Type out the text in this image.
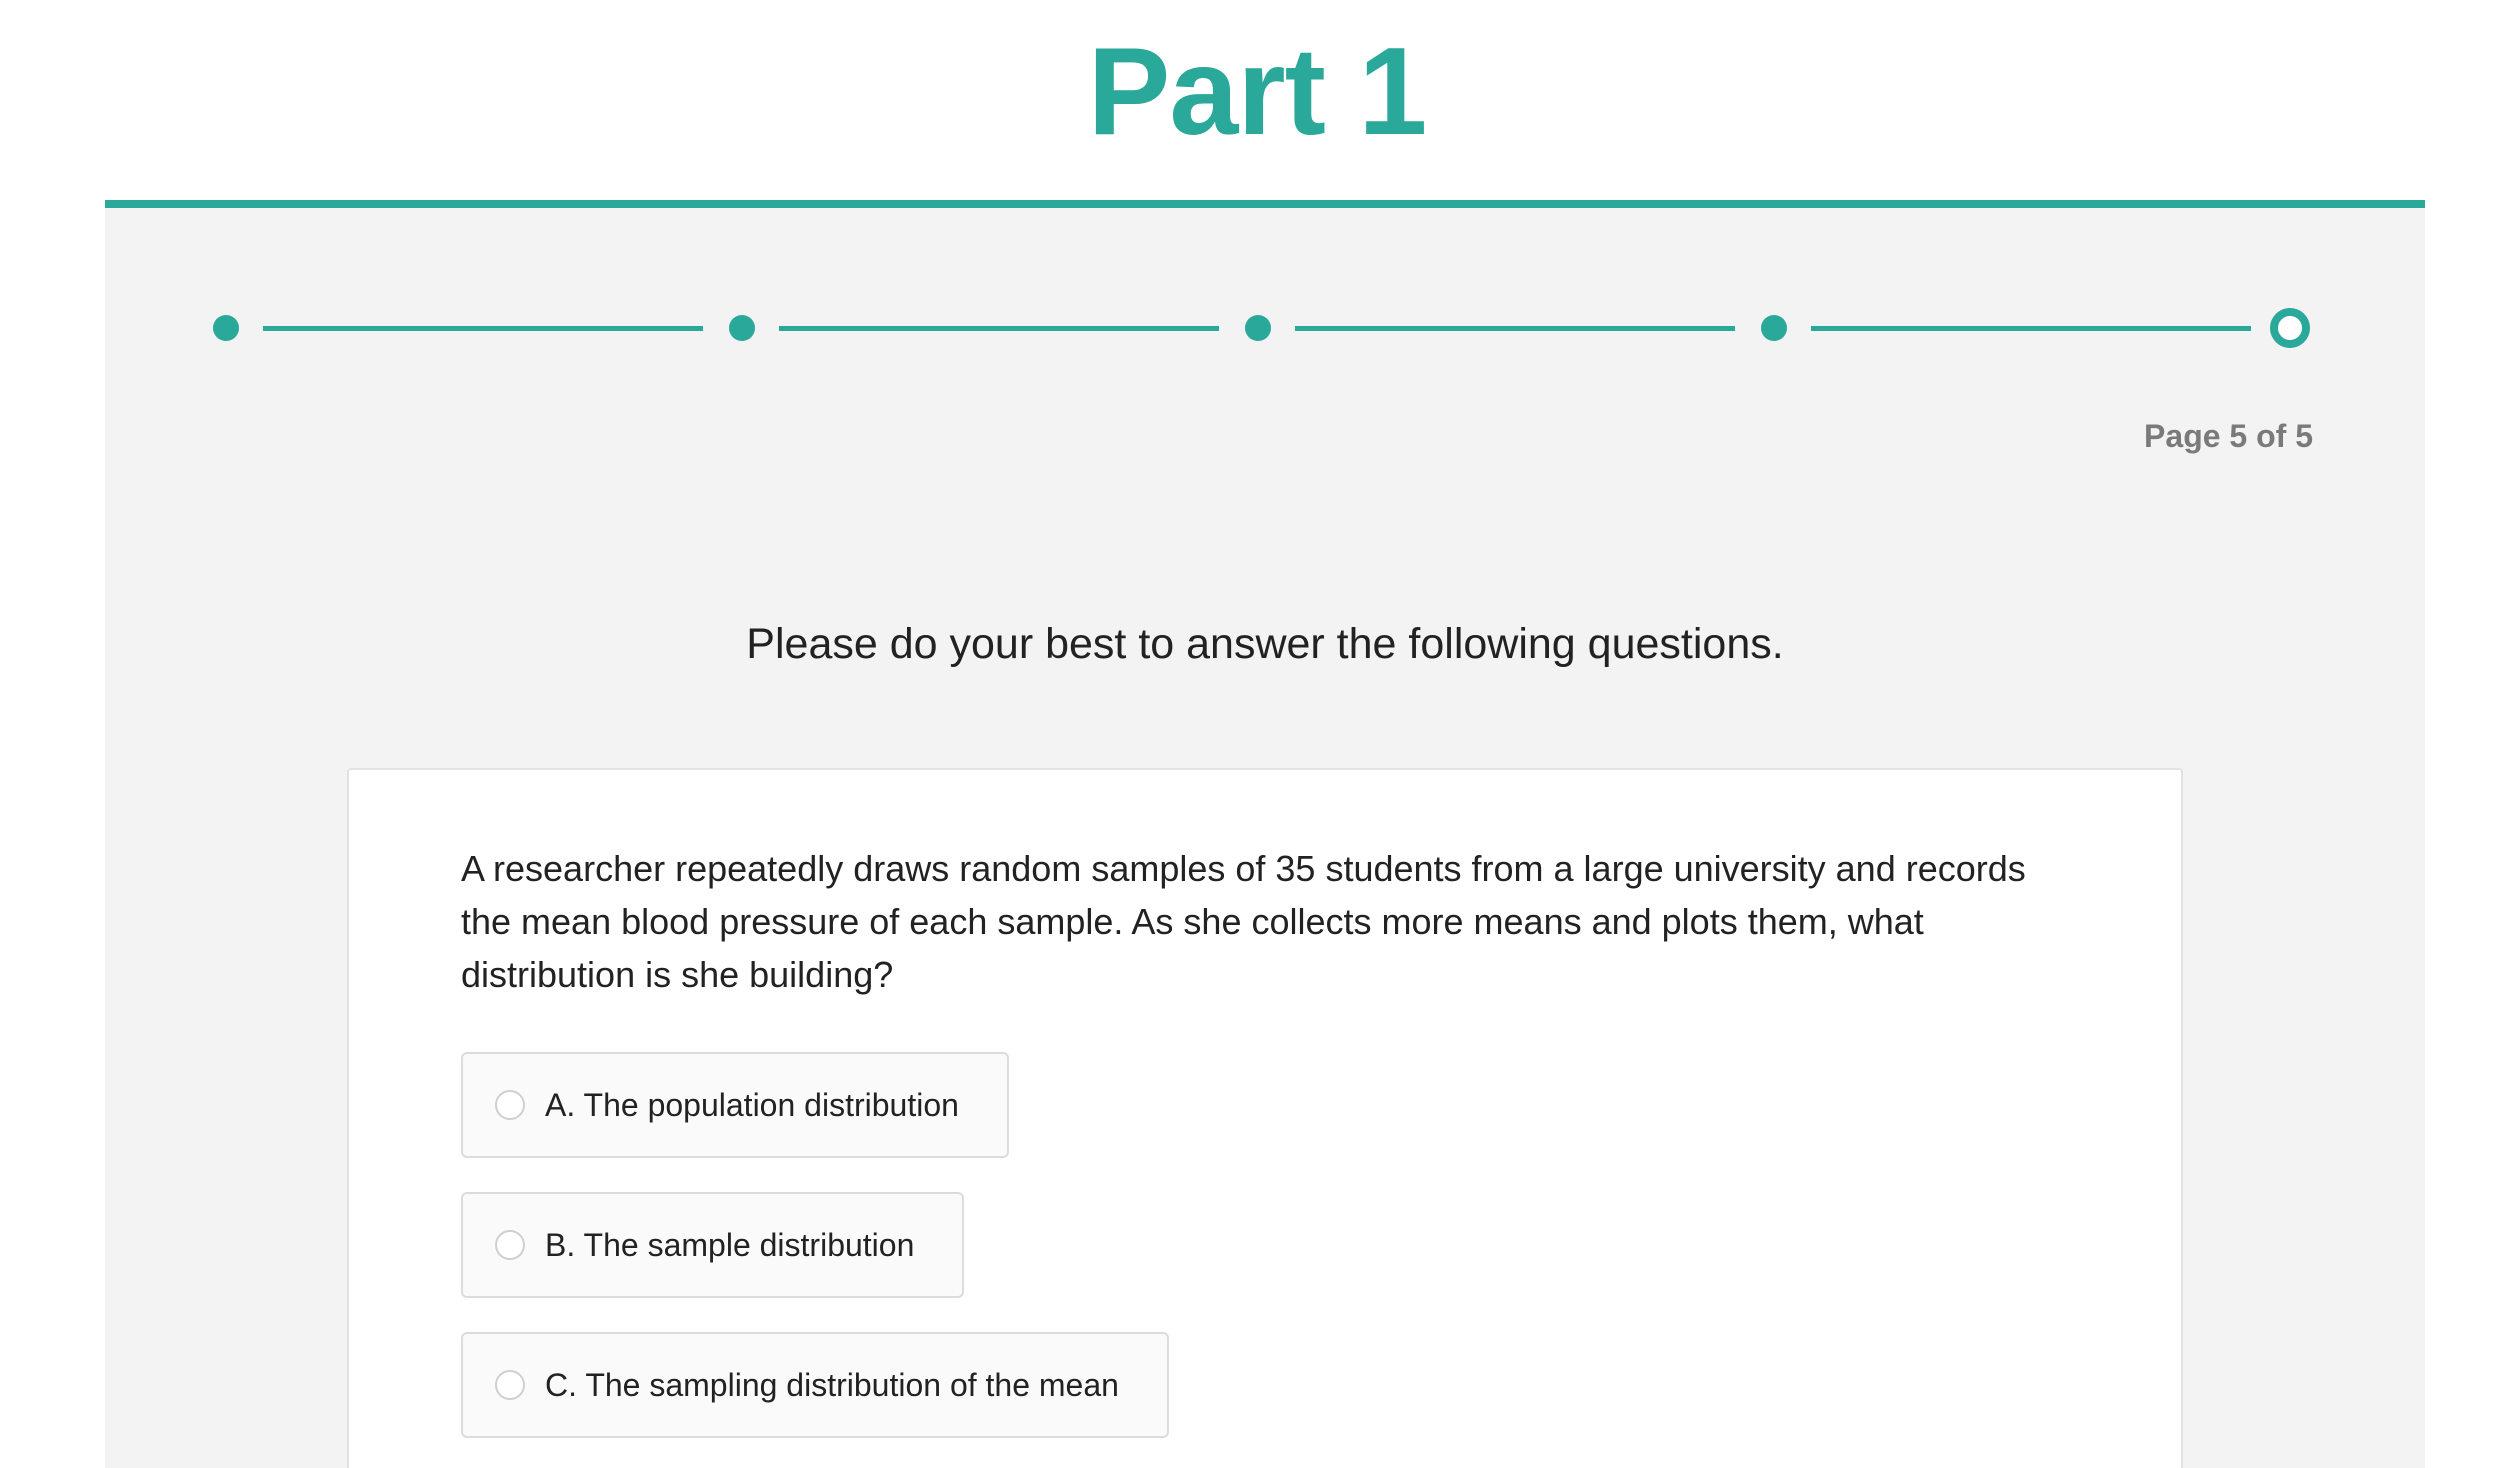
Part 1
Page 5 of 5
Please do your best to answer the following questions.
A researcher repeatedly draws random samples of 35 students from a large university and records the mean blood pressure of each sample. As she collects more means and plots them, what distribution is she building?
A. The population distribution
B. The sample distribution
C. The sampling distribution of the mean
